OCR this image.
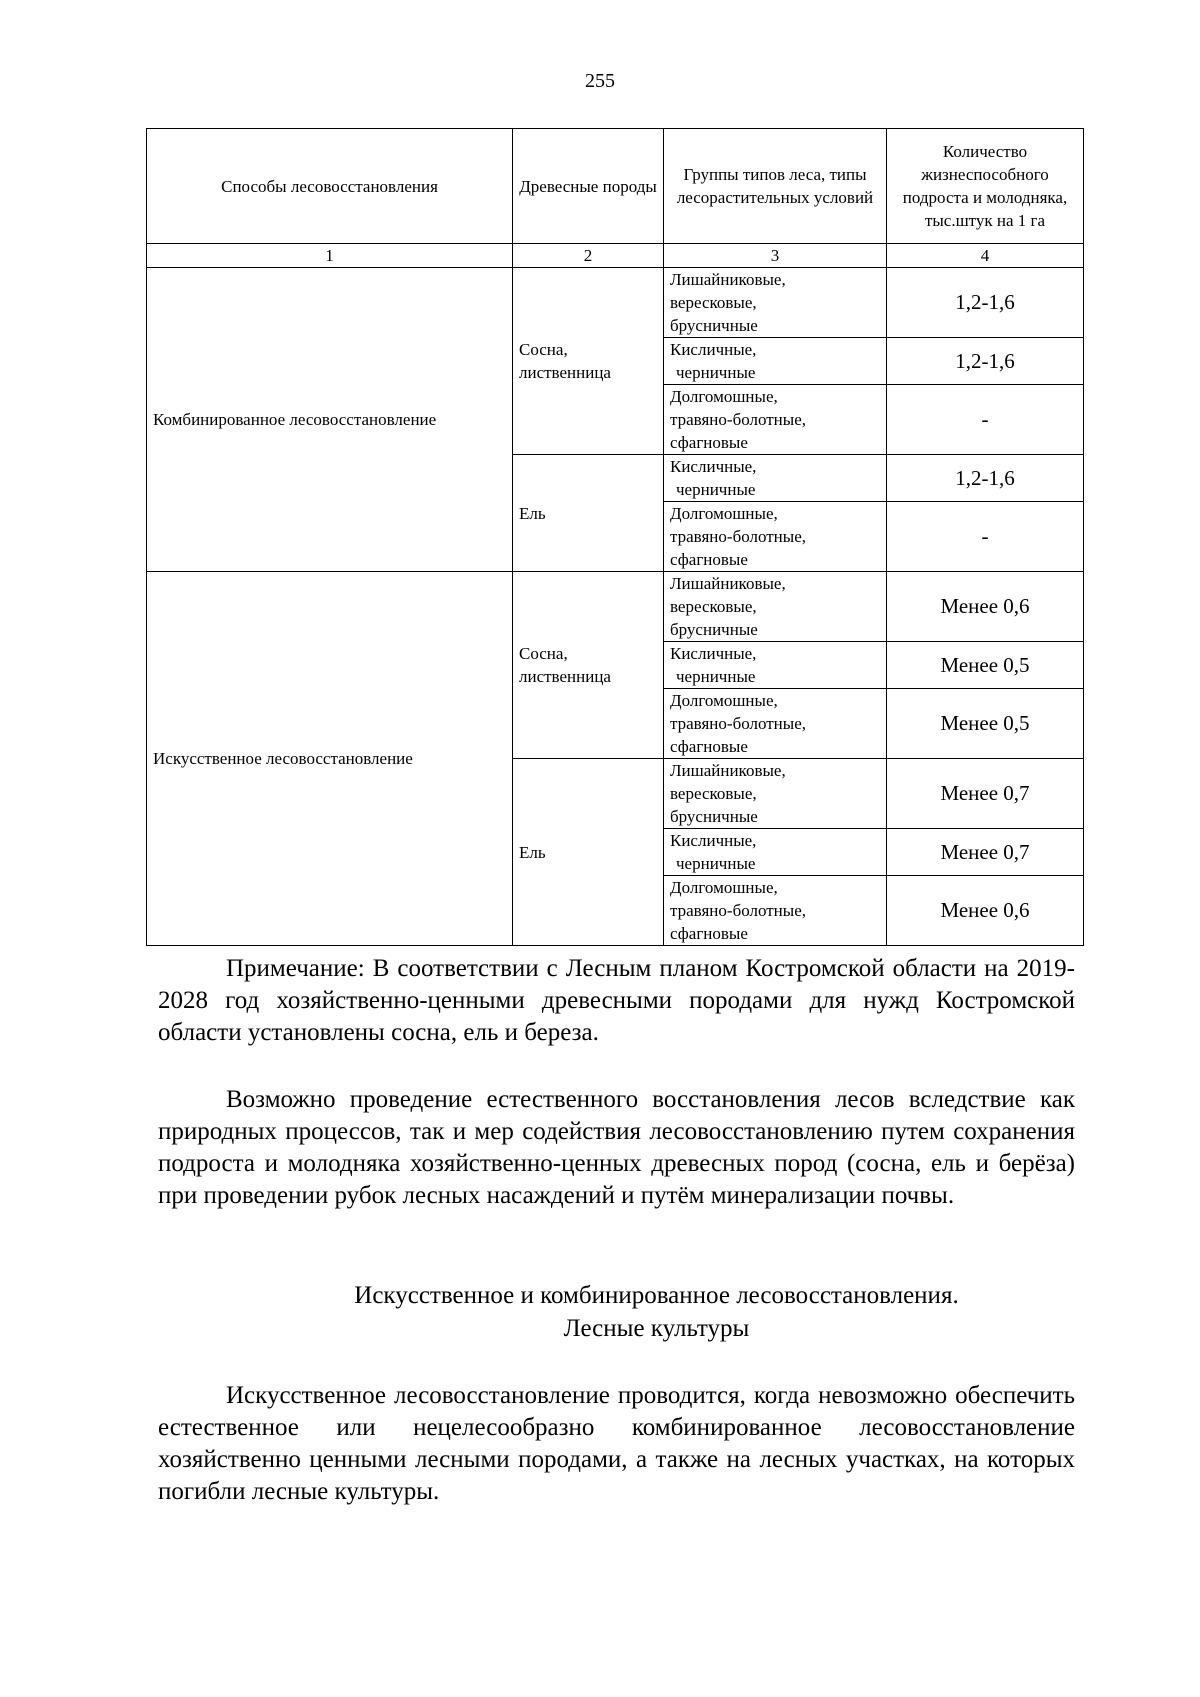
255
Способы лесовосстановления	Древесные породы	Группы типов леса, типы лесорастительных условий	Количество жизнеспособного подроста и молодняка, тыс.штук на 1 га
1	2	3	4
Комбинированное лесовосстановление	Сосна, лиственница	Лишайниковые,
вересковые,
брусничные	1,2-1,6

		Кисличные,
черничные	1,2-1,6

		Долгомошные,
травяно-болотные,
сфагновые	-
	Ель	Кисличные,
черничные	1,2-1,6

		Долгомошные,
травяно-болотные,
сфагновые	-
Искусственное лесовосстановление	Сосна, лиственница	Лишайниковые,
вересковые,
брусничные	Менее 0,6

		Кисличные,
черничные	Менее 0,5

		Долгомошные,
травяно-болотные,
сфагновые	Менее 0,5
	Ель	Лишайниковые,
вересковые,
брусничные	Менее 0,7

		Кисличные,
черничные	Менее 0,7

		Долгомошные,
травяно-болотные,
сфагновые	Менее 0,6
Примечание: В соответствии с Лесным планом Костромской области на 2019-2028 год хозяйственно-ценными древесными породами для нужд Костромской области установлены сосна, ель и береза.
Возможно проведение естественного восстановления лесов вследствие как природных процессов, так и мер содействия лесовосстановлению путем сохранения подроста и молодняка хозяйственно-ценных древесных пород (сосна, ель и берёза) при проведении рубок лесных насаждений и путём минерализации почвы.
Искусственное и комбинированное лесовосстановления.
Лесные культуры
Искусственное лесовосстановление проводится, когда невозможно обеспечить естественное или нецелесообразно комбинированное лесовосстановление хозяйственно ценными лесными породами, а также на лесных участках, на которых погибли лесные культуры.
